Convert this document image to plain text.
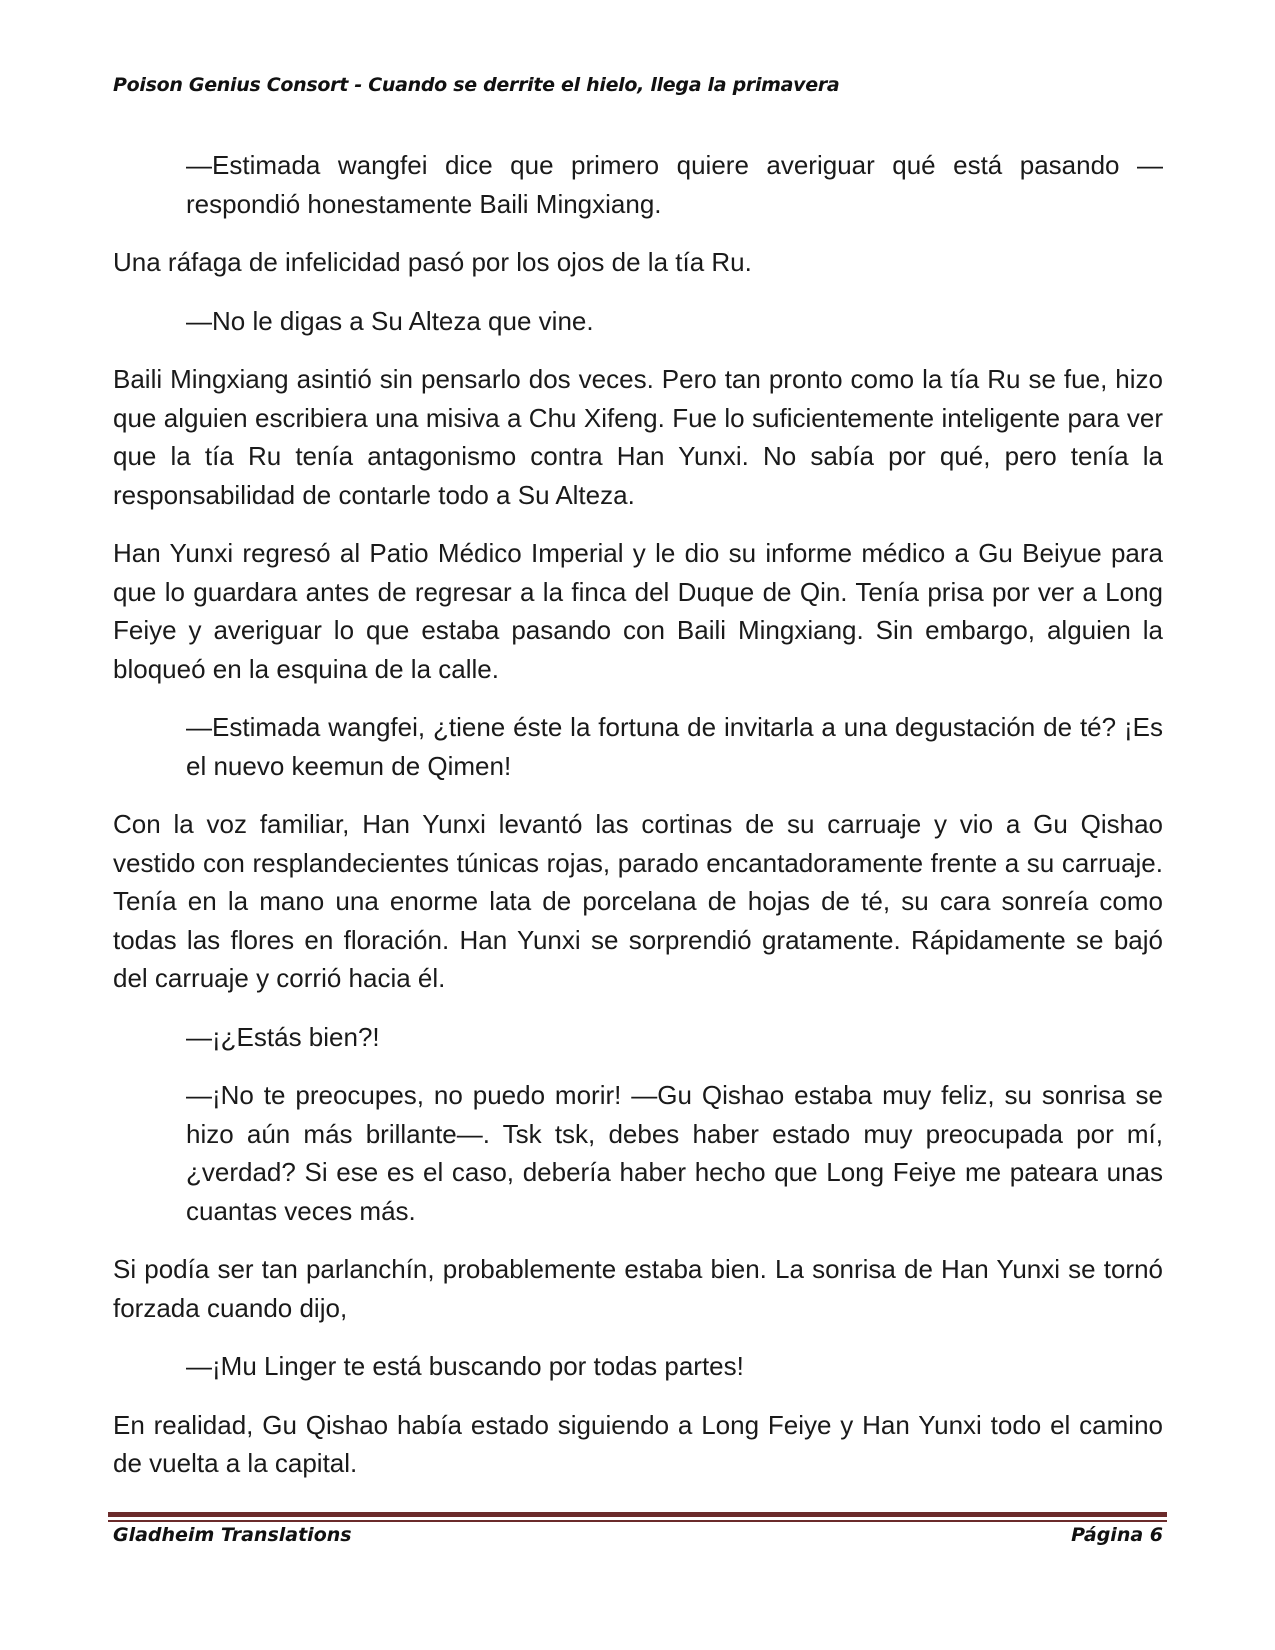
Poison Genius Consort - Cuando se derrite el hielo, llega la primavera

—Estimada wangfei dice que primero quiere averiguar qué está pasando —respondió honestamente Baili Mingxiang.

Una ráfaga de infelicidad pasó por los ojos de la tía Ru.

—No le digas a Su Alteza que vine.

Baili Mingxiang asintió sin pensarlo dos veces. Pero tan pronto como la tía Ru se fue, hizo que alguien escribiera una misiva a Chu Xifeng. Fue lo suficientemente inteligente para ver que la tía Ru tenía antagonismo contra Han Yunxi. No sabía por qué, pero tenía la responsabilidad de contarle todo a Su Alteza.

Han Yunxi regresó al Patio Médico Imperial y le dio su informe médico a Gu Beiyue para que lo guardara antes de regresar a la finca del Duque de Qin. Tenía prisa por ver a Long Feiye y averiguar lo que estaba pasando con Baili Mingxiang. Sin embargo, alguien la bloqueó en la esquina de la calle.

—Estimada wangfei, ¿tiene éste la fortuna de invitarla a una degustación de té? ¡Es el nuevo keemun de Qimen!

Con la voz familiar, Han Yunxi levantó las cortinas de su carruaje y vio a Gu Qishao vestido con resplandecientes túnicas rojas, parado encantadoramente frente a su carruaje. Tenía en la mano una enorme lata de porcelana de hojas de té, su cara sonreía como todas las flores en floración. Han Yunxi se sorprendió gratamente. Rápidamente se bajó del carruaje y corrió hacia él.

—¡¿Estás bien?!

—¡No te preocupes, no puedo morir! —Gu Qishao estaba muy feliz, su sonrisa se hizo aún más brillante—. Tsk tsk, debes haber estado muy preocupada por mí, ¿verdad? Si ese es el caso, debería haber hecho que Long Feiye me pateara unas cuantas veces más.

Si podía ser tan parlanchín, probablemente estaba bien. La sonrisa de Han Yunxi se tornó forzada cuando dijo,

—¡Mu Linger te está buscando por todas partes!

En realidad, Gu Qishao había estado siguiendo a Long Feiye y Han Yunxi todo el camino de vuelta a la capital.

Gladheim Translations	Página 6
